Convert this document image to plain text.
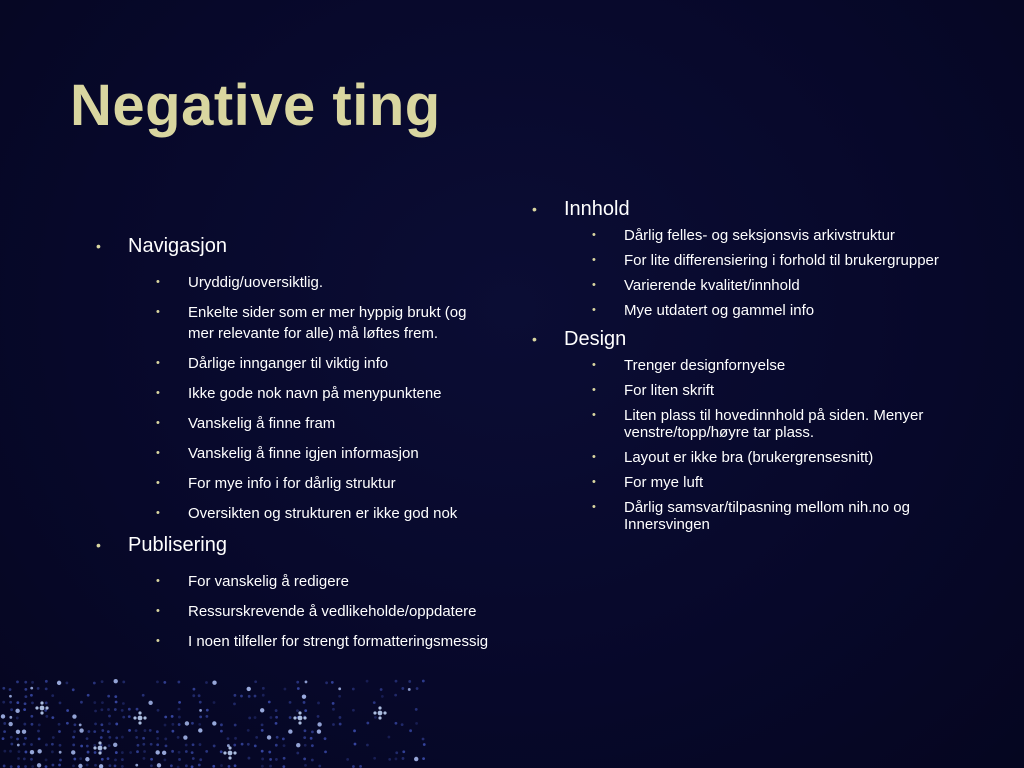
Negative ting
• Navigasjon
• Uryddig/uoversiktlig.
• Enkelte sider som er mer hyppig brukt (og mer relevante for alle) må løftes frem.
• Dårlige innganger til viktig info
• Ikke gode nok navn på menypunktene
• Vanskelig å finne fram
• Vanskelig å finne igjen informasjon
• For mye info i for dårlig struktur
• Oversikten og strukturen er ikke god nok
• Publisering
• For vanskelig å redigere
• Ressurskrevende å vedlikeholde/oppdatere
• I noen tilfeller for strengt formatteringsmessig
• Innhold
• Dårlig felles- og seksjonsvis arkivstruktur
• For lite differensiering i forhold til brukergrupper
• Varierende kvalitet/innhold
• Mye utdatert og gammel info
• Design
• Trenger designfornyelse
• For liten skrift
• Liten plass til hovedinnhold på siden. Menyer venstre/topp/høyre tar plass.
• Layout er ikke bra (brukergrensesnitt)
• For mye luft
• Dårlig samsvar/tilpasning mellom nih.no og Innersvingen
